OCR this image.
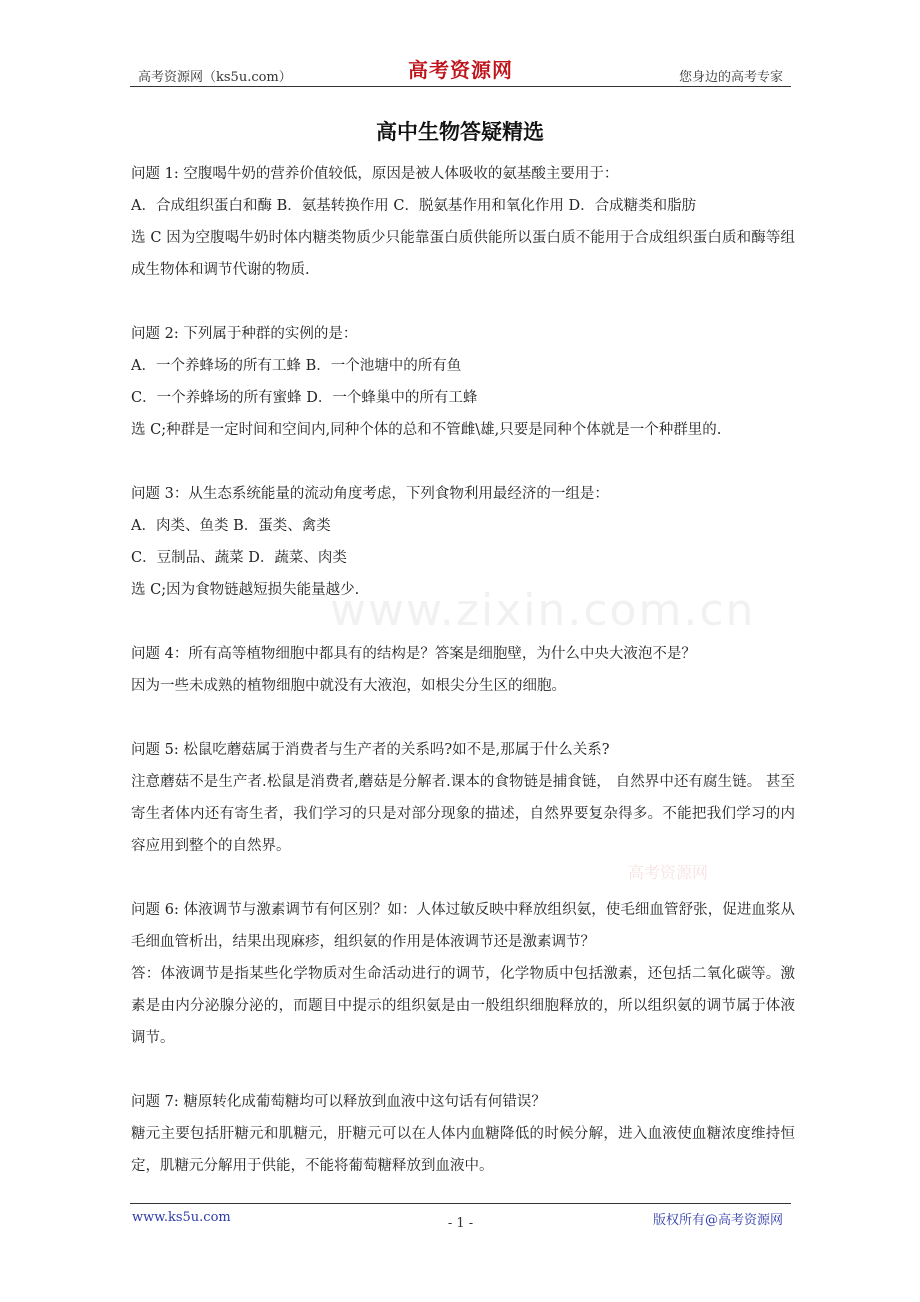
高考资源网（ks5u.com）	高考资源网	您身边的高考专家
www.zixin.com.cn
高考资源网
高中生物答疑精选

问题 1: 空腹喝牛奶的营养价值较低，原因是被人体吸收的氨基酸主要用于：

A．合成组织蛋白和酶 B．氨基转换作用 C．脱氨基作用和氧化作用 D．合成糖类和脂肪

选 C 因为空腹喝牛奶时体内糖类物质少只能靠蛋白质供能所以蛋白质不能用于合成组织蛋白质和酶等组成生物体和调节代谢的物质.

问题 2: 下列属于种群的实例的是：

A．一个养蜂场的所有工蜂 B．一个池塘中的所有鱼

C．一个养蜂场的所有蜜蜂 D．一个蜂巢中的所有工蜂

选 C;种群是一定时间和空间内,同种个体的总和不管雌\雄,只要是同种个体就是一个种群里的.

问题 3：从生态系统能量的流动角度考虑，下列食物利用最经济的一组是：

A．肉类、鱼类 B．蛋类、禽类

C．豆制品、蔬菜 D．蔬菜、肉类

选 C;因为食物链越短损失能量越少.

问题 4：所有高等植物细胞中都具有的结构是？答案是细胞壁，为什么中央大液泡不是？

因为一些未成熟的植物细胞中就没有大液泡，如根尖分生区的细胞。

问题 5: 松鼠吃蘑菇属于消费者与生产者的关系吗?如不是,那属于什么关系?

注意蘑菇不是生产者.松鼠是消费者,蘑菇是分解者.课本的食物链是捕食链， 自然界中还有腐生链。 甚至寄生者体内还有寄生者，我们学习的只是对部分现象的描述，自然界要复杂得多。不能把我们学习的内容应用到整个的自然界。

问题 6: 体液调节与激素调节有何区别？如：人体过敏反映中释放组织氨，使毛细血管舒张，促进血浆从毛细血管析出，结果出现麻疹，组织氨的作用是体液调节还是激素调节？

答：体液调节是指某些化学物质对生命活动进行的调节，化学物质中包括激素，还包括二氧化碳等。激素是由内分泌腺分泌的，而题目中提示的组织氨是由一般组织细胞释放的，所以组织氨的调节属于体液调节。

问题 7: 糖原转化成葡萄糖均可以释放到血液中这句话有何错误？

糖元主要包括肝糖元和肌糖元，肝糖元可以在人体内血糖降低的时候分解，进入血液使血糖浓度维持恒定，肌糖元分解用于供能，不能将葡萄糖释放到血液中。

www.ks5u.com	- 1 -	版权所有@高考资源网
